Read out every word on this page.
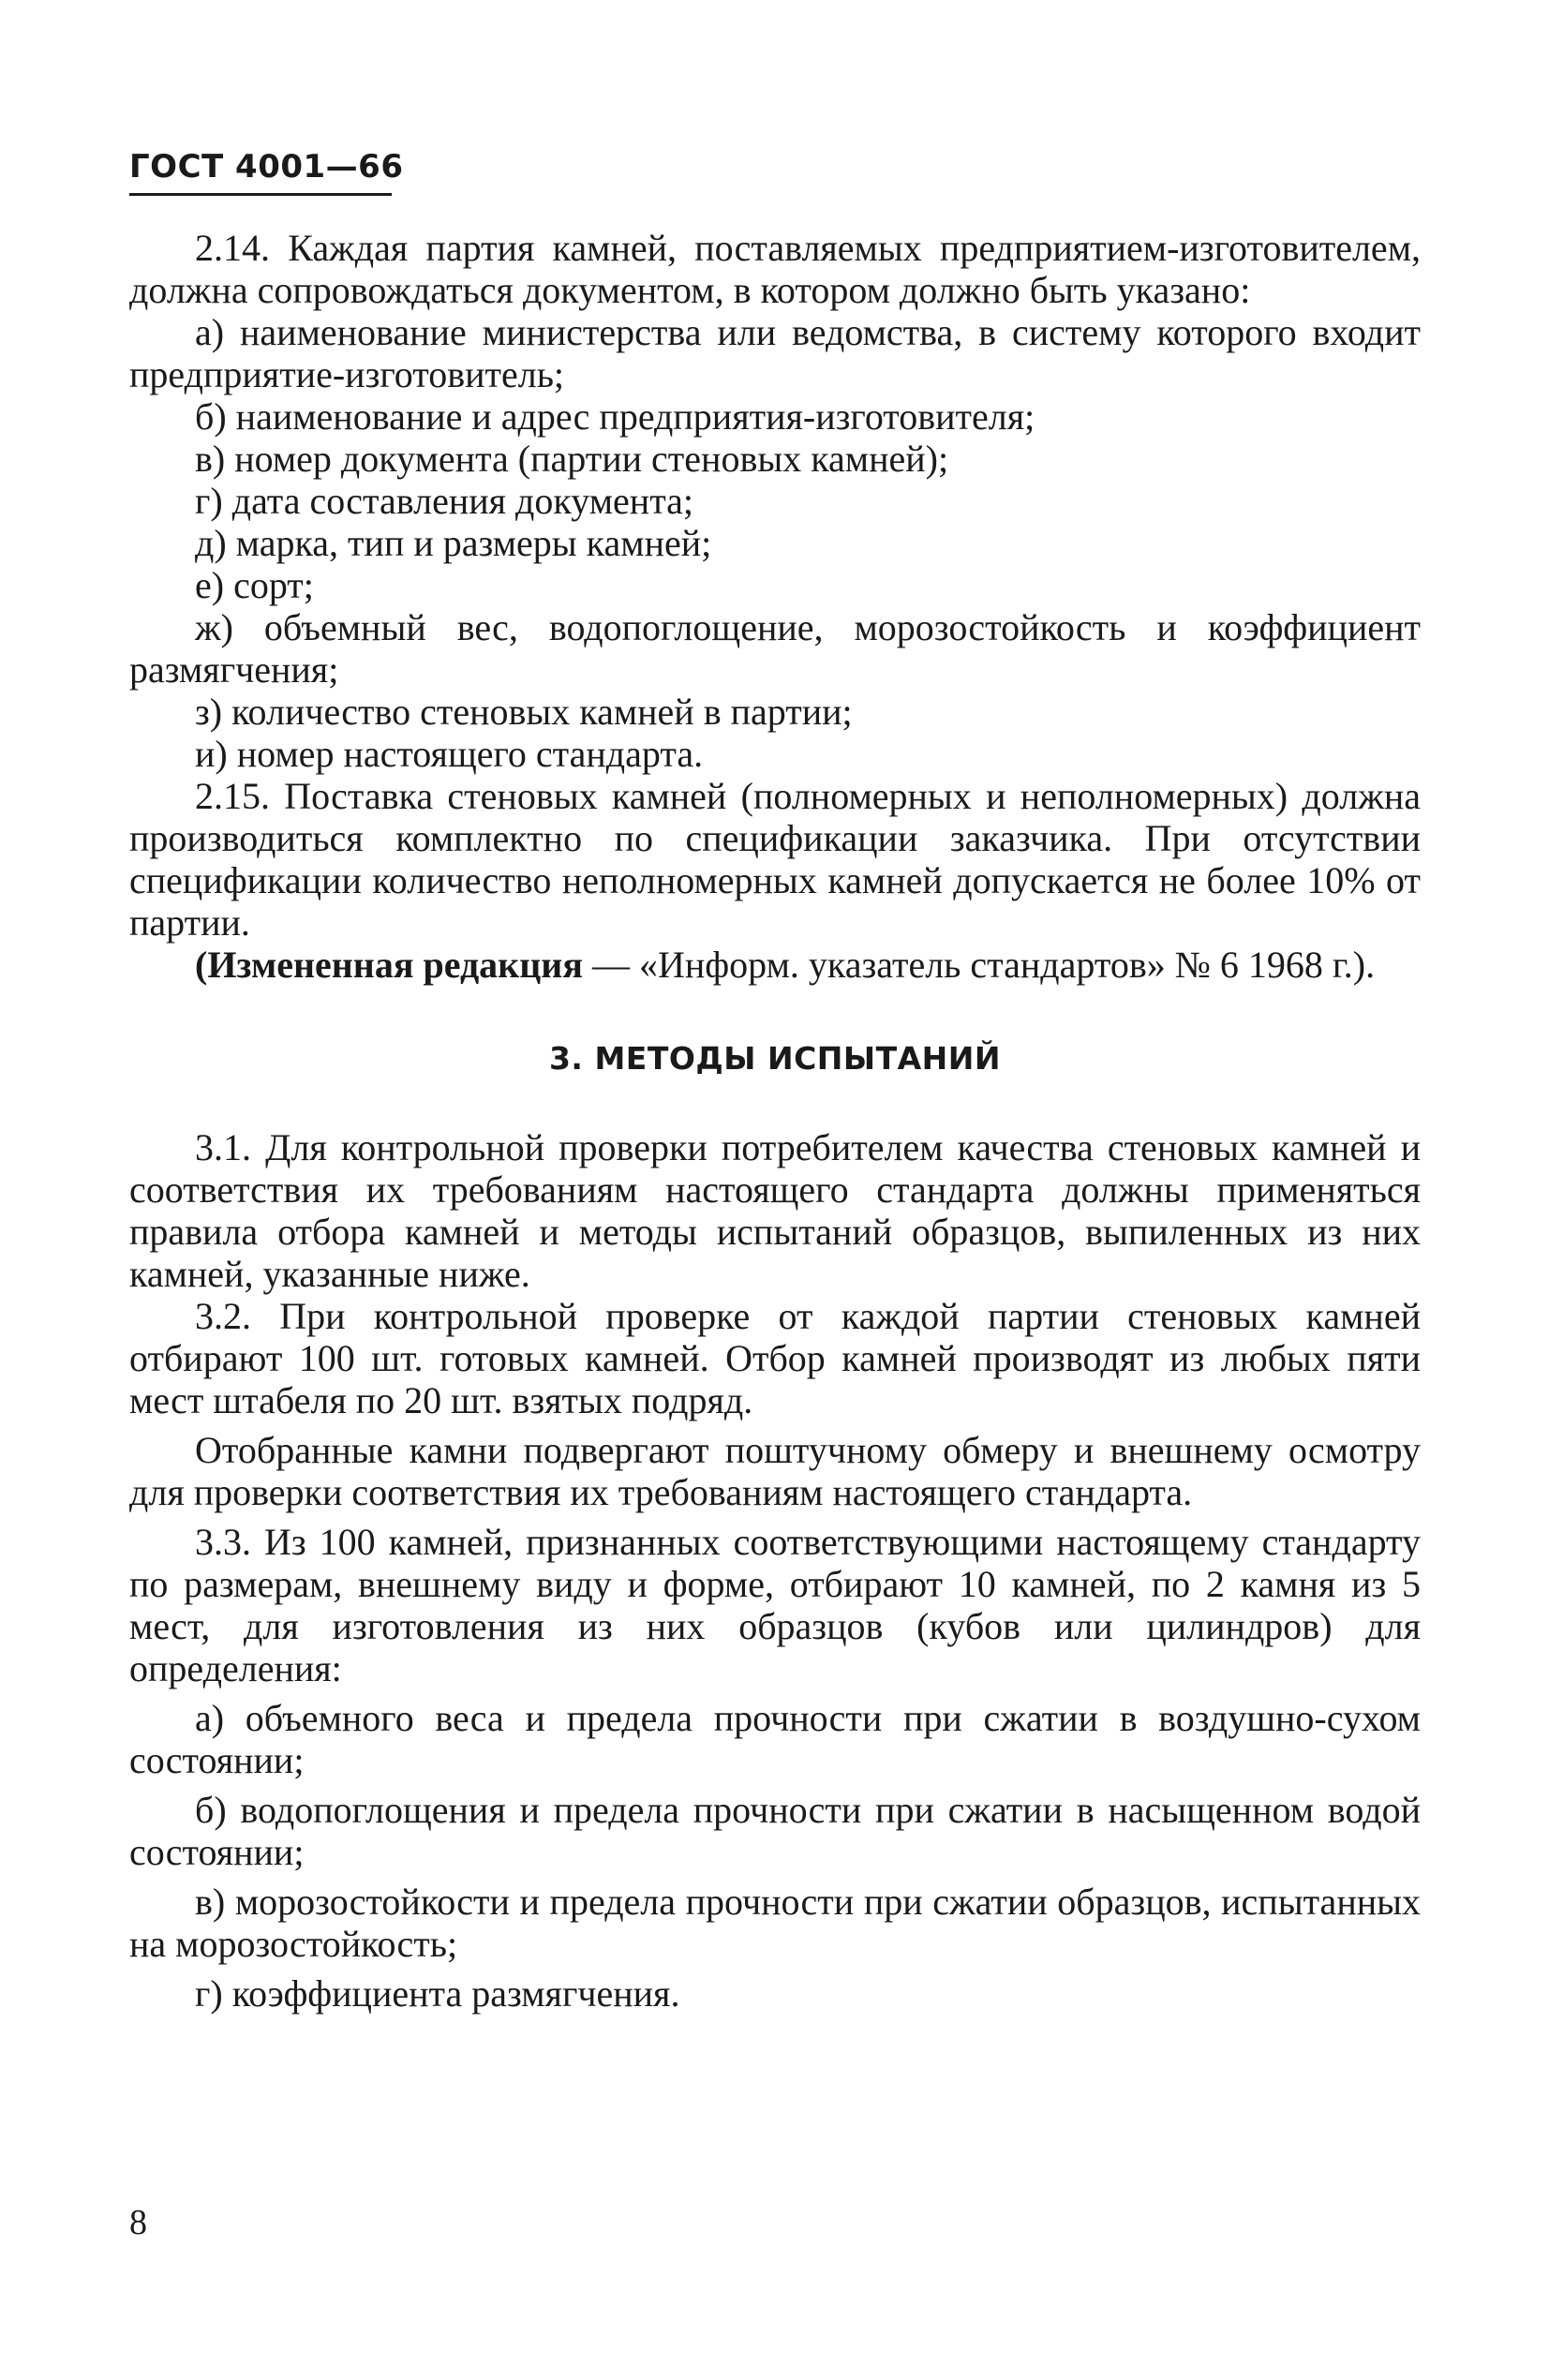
ГОСТ 4001—66

2.14. Каждая партия камней, поставляемых предприятием-изготовителем, должна сопровождаться документом, в котором должно быть указано:

а) наименование министерства или ведомства, в систему которого входит предприятие-изготовитель;

б) наименование и адрес предприятия-изготовителя;

в) номер документа (партии стеновых камней);

г) дата составления документа;

д) марка, тип и размеры камней;

е) сорт;

ж) объемный вес, водопоглощение, морозостойкость и коэффициент размягчения;

з) количество стеновых камней в партии;

и) номер настоящего стандарта.

2.15. Поставка стеновых камней (полномерных и неполномерных) должна производиться комплектно по спецификации заказчика. При отсутствии спецификации количество неполномерных камней допускается не более 10% от партии.

(Измененная редакция — «Информ. указатель стандартов» № 6 1968 г.).

3. МЕТОДЫ ИСПЫТАНИЙ

3.1. Для контрольной проверки потребителем качества стеновых камней и соответствия их требованиям настоящего стандарта должны применяться правила отбора камней и методы испытаний образцов, выпиленных из них камней, указанные ниже.

3.2. При контрольной проверке от каждой партии стеновых камней отбирают 100 шт. готовых камней. Отбор камней производят из любых пяти мест штабеля по 20 шт. взятых подряд.

Отобранные камни подвергают поштучному обмеру и внешнему осмотру для проверки соответствия их требованиям настоящего стандарта.

3.3. Из 100 камней, признанных соответствующими настоящему стандарту по размерам, внешнему виду и форме, отбирают 10 камней, по 2 камня из 5 мест, для изготовления из них образцов (кубов или цилиндров) для определения:

а) объемного веса и предела прочности при сжатии в воздушно-сухом состоянии;

б) водопоглощения и предела прочности при сжатии в насыщенном водой состоянии;

в) морозостойкости и предела прочности при сжатии образцов, испытанных на морозостойкость;

г) коэффициента размягчения.

8
